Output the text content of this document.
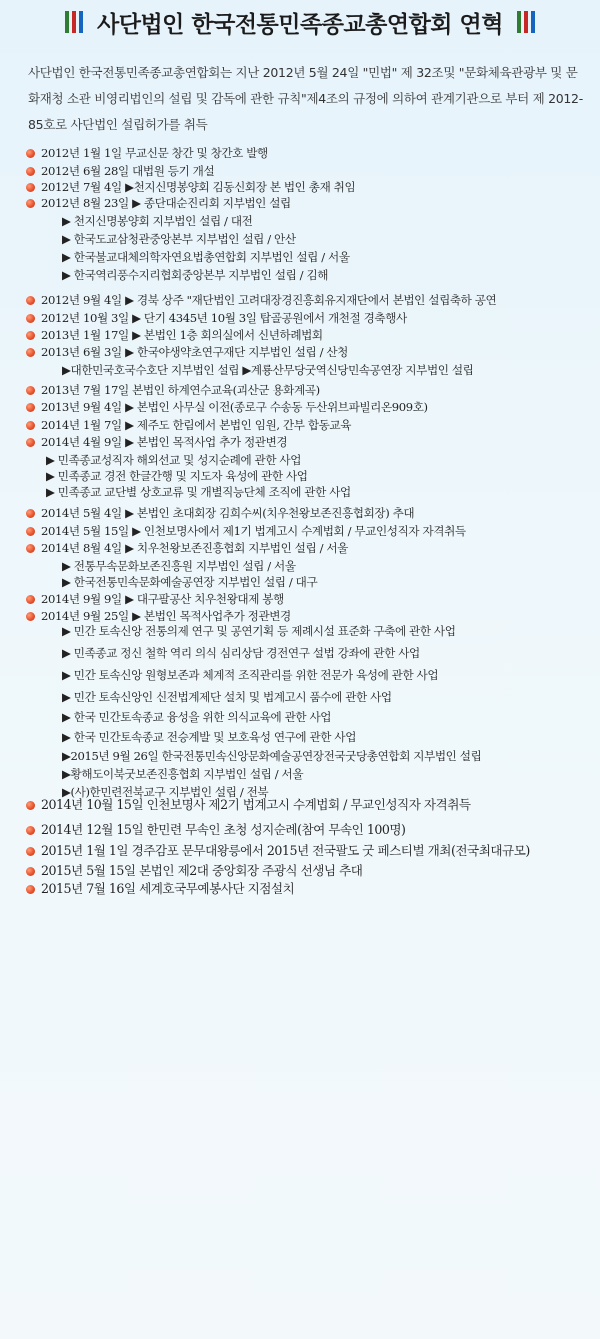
사단법인 한국전통민족종교총연합회 연혁
사단법인 한국전통민족종교총연합회는 지난 2012년 5월 24일 "민법" 제 32조및 "문화체육관광부 및 문화재청 소관 비영리법인의 설립 및 감독에 관한 규칙"제4조의 규정에 의하여 관계기관으로 부터 제 2012-85호로 사단법인 설립허가를 취득
2012년 1월 1일 무교신문 창간 및 창간호 발행
2012년 6월 28일 대법원 등기 개설
2012년 7월 4일 ▶천지신명봉양회 김동신회장 본 법인 총재 취임
2012년 8월 23일 ▶ 종단대순진리회 지부법인 설립
▶ 천지신명봉양회 지부법인 설립 / 대전
▶ 한국도교삼청관중앙본부 지부법인 설립 / 안산
▶ 한국불교대체의학자연요법총연합회 지부법인 설립 / 서울
▶ 한국역리풍수지리협회중앙본부 지부법인 설립 / 김해
2012년 9월 4일 ▶ 경북 상주 "재단법인 고려대장경진흥회유지재단에서 본법인 설립축하 공연
2012년 10월 3일 ▶ 단기 4345년 10월 3일 탑골공원에서 개천절 경축행사
2013년 1월 17일 ▶ 본법인 1층 회의실에서 신년하례법회
2013년 6월 3일 ▶ 한국야생약초연구재단 지부법인 설립 / 산청
▶대한민국호국수호단 지부법인 설립 ▶계룡산무당굿역신당민속공연장 지부법인 설립
2013년 7월 17일 본법인 하계연수교육(괴산군 용화계곡)
2013년 9월 4일 ▶ 본법인 사무실 이전(종로구 수송동 두산위브파빌리온909호)
2014년 1월 7일 ▶ 제주도 한림에서 본법인 임원, 간부 합동교육
2014년 4월 9일 ▶ 본법인 목적사업 추가 정관변경
▶ 민족종교성직자 해외선교 및 성지순례에 관한 사업
▶ 민족종교 경전 한글간행 및 지도자 육성에 관한 사업
▶ 민족종교 교단별 상호교류 및 개별직능단체 조직에 관한 사업
2014년 5월 4일 ▶ 본법인 초대회장 김희수씨(치우천왕보존진흥협회장) 추대
2014년 5월 15일 ▶ 인천보명사에서 제1기 법계고시 수계법회 / 무교인성직자 자격취득
2014년 8월 4일 ▶ 치우천왕보존진흥협회 지부법인 설립 / 서울
▶ 전통무속문화보존진흥원 지부법인 설립 / 서울
▶ 한국전통민속문화예술공연장 지부법인 설립 / 대구
2014년 9월 9일 ▶ 대구팔공산 치우천왕대제 봉행
2014년 9월 25일 ▶ 본법인 목적사업추가 정관변경
▶ 민간 토속신앙 전통의제 연구 및 공연기획 등 제례시설 표준화 구축에 관한 사업
▶ 민족종교 정신 철학 역리 의식 심리상담 경전연구 설법 강좌에 관한 사업
▶ 민간 토속신앙 원형보존과 체계적 조직관리를 위한 전문가 육성에 관한 사업
▶ 민간 토속신앙인 신전법계제단 설치 및 법계고시 품수에 관한 사업
▶ 한국 민간토속종교 융성을 위한 의식교육에 관한 사업
▶ 한국 민간토속종교 전승계발 및 보호육성 연구에 관한 사업
▶2015년 9월 26일 한국전통민속신앙문화예술공연장전국굿당총연합회 지부법인 설립
▶황해도이북굿보존진흥협회 지부법인 설립 / 서울
▶(사)한민련전북교구 지부법인 설립 / 전북
2014년 10월 15일 인천보명사 제2기 법계고시 수계법회 / 무교인성직자 자격취득
2014년 12월 15일 한민련 무속인 초청 성지순례(참여 무속인 100명)
2015년 1월 1일 경주감포 문무대왕릉에서 2015년 전국팔도 굿 페스티벌 개최(전국최대규모)
2015년 5월 15일 본법인 제2대 중앙회장 주광식 선생님 추대
2015년 7월 16일 세계호국무예봉사단 지점설치
